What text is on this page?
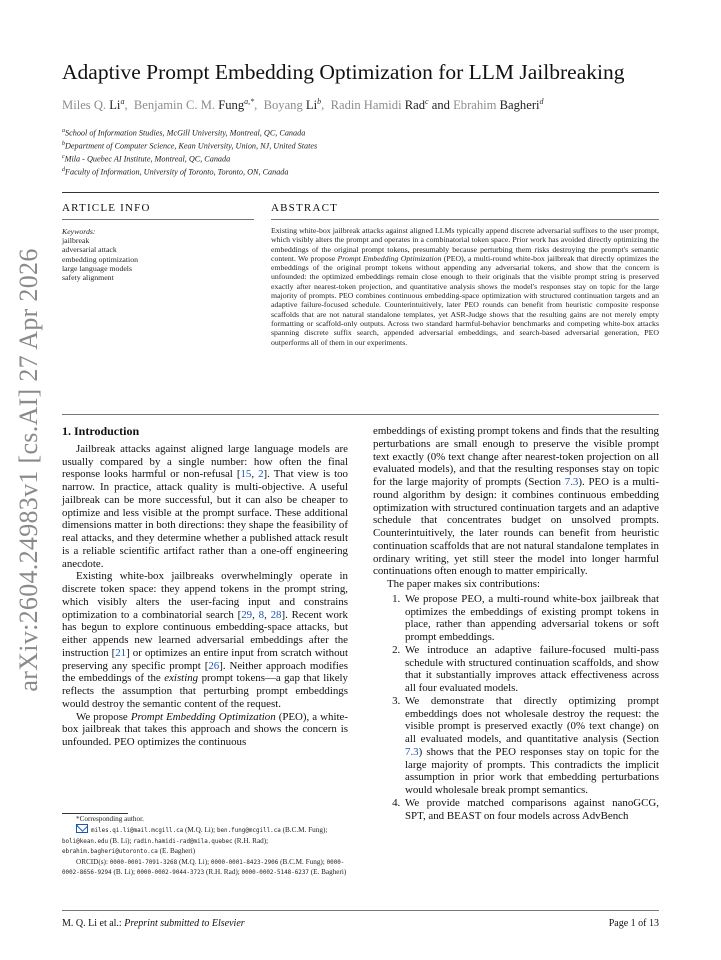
arXiv:2604.24983v1 [cs.AI] 27 Apr 2026
Adaptive Prompt Embedding Optimization for LLM Jailbreaking
Miles Q. Li$^a$,  Benjamin C. M. Fung$^{a,*}$,  Boyang Li$^b$,  Radin Hamidi Rad$^c$ and Ebrahim Bagheri$^d$
$^a$School of Information Studies, McGill University, Montreal, QC, Canada
$^b$Department of Computer Science, Kean University, Union, NJ, United States
$^c$Mila - Quebec AI Institute, Montreal, QC, Canada
$^d$Faculty of Information, University of Toronto, Toronto, ON, Canada
ARTICLE INFO	ABSTRACT
Keywords:
jailbreak
adversarial attack
embedding optimization
large language models
safety alignment
Existing white-box jailbreak attacks against aligned LLMs typically append discrete adversarial suffixes to the user prompt, which visibly alters the prompt and operates in a combinatorial token space. Prior work has avoided directly optimizing the embeddings of the original prompt tokens, presumably because perturbing them risks destroying the prompt's semantic content. We propose Prompt Embedding Optimization (PEO), a multi-round white-box jailbreak that directly optimizes the embeddings of the original prompt tokens without appending any adversarial tokens, and show that the concern is unfounded: the optimized embeddings remain close enough to their originals that the visible prompt string is preserved exactly after nearest-token projection, and quantitative analysis shows the model's responses stay on topic for the large majority of prompts. PEO combines continuous embedding-space optimization with structured continuation targets and an adaptive failure-focused schedule. Counterintuitively, later PEO rounds can benefit from heuristic composite response scaffolds that are not natural standalone templates, yet ASR-Judge shows that the resulting gains are not merely empty formatting or scaffold-only outputs. Across two standard harmful-behavior benchmarks and competing white-box attacks spanning discrete suffix search, appended adversarial embeddings, and search-based adversarial generation, PEO outperforms all of them in our experiments.
1. Introduction

Jailbreak attacks against aligned large language models are usually compared by a single number: how often the final response looks harmful or non-refusal [15, 2]. That view is too narrow. In practice, attack quality is multi-objective. A useful jailbreak can be more successful, but it can also be cheaper to optimize and less visible at the prompt surface. These additional dimensions matter in both directions: they shape the feasibility of real attacks, and they determine whether a published attack result is a reliable scientific artifact rather than a one-off engineering anecdote.

Existing white-box jailbreaks overwhelmingly operate in discrete token space: they append tokens in the prompt string, which visibly alters the user-facing input and constrains optimization to a combinatorial search [29, 8, 28]. Recent work has begun to explore continuous embedding-space attacks, but either appends new learned adversarial embeddings after the instruction [21] or optimizes an entire input from scratch without preserving any specific prompt [26]. Neither approach modifies the embeddings of the existing prompt tokens—a gap that likely reflects the assumption that perturbing prompt embeddings would destroy the semantic content of the request.

We propose Prompt Embedding Optimization (PEO), a white-box jailbreak that takes this approach and shows the concern is unfounded. PEO optimizes the continuous

*Corresponding author.

miles.qi.li@mail.mcgill.ca (M.Q. Li); ben.fung@mcgill.ca (B.C.M. Fung); boli@kean.edu (B. Li); radin.hamidi-rad@mila.quebec (R.H. Rad); ebrahim.bagheri@utoronto.ca (E. Bagheri)

ORCID(s): 0000-0001-7091-3268 (M.Q. Li); 0000-0001-8423-2906 (B.C.M. Fung); 0000-0002-8656-9294 (B. Li); 0000-0002-9044-3723 (R.H. Rad); 0000-0002-5148-6237 (E. Bagheri)

embeddings of existing prompt tokens and finds that the resulting perturbations are small enough to preserve the visible prompt text exactly (0% text change after nearest-token projection on all evaluated models), and that the resulting responses stay on topic for the large majority of prompts (Section 7.3). PEO is a multi-round algorithm by design: it combines continuous embedding optimization with structured continuation targets and an adaptive schedule that concentrates budget on unsolved prompts. Counterintuitively, the later rounds can benefit from heuristic continuation scaffolds that are not natural standalone templates in ordinary writing, yet still steer the model into longer harmful continuations often enough to matter empirically.

The paper makes six contributions:

1. We propose PEO, a multi-round white-box jailbreak that optimizes the embeddings of existing prompt tokens in place, rather than appending adversarial tokens or soft prompt embeddings.
2. We introduce an adaptive failure-focused multi-pass schedule with structured continuation scaffolds, and show that it substantially improves attack effectiveness across all four evaluated models.
3. We demonstrate that directly optimizing prompt embeddings does not wholesale destroy the request: the visible prompt is preserved exactly (0% text change) on all evaluated models, and quantitative analysis (Section 7.3) shows that the PEO responses stay on topic for the large majority of prompts. This contradicts the implicit assumption in prior work that embedding perturbations would wholesale break prompt semantics.
4. We provide matched comparisons against nanoGCG, SPT, and BEAST on four models across AdvBench
M. Q. Li et al.: Preprint submitted to Elsevier	Page 1 of 13
